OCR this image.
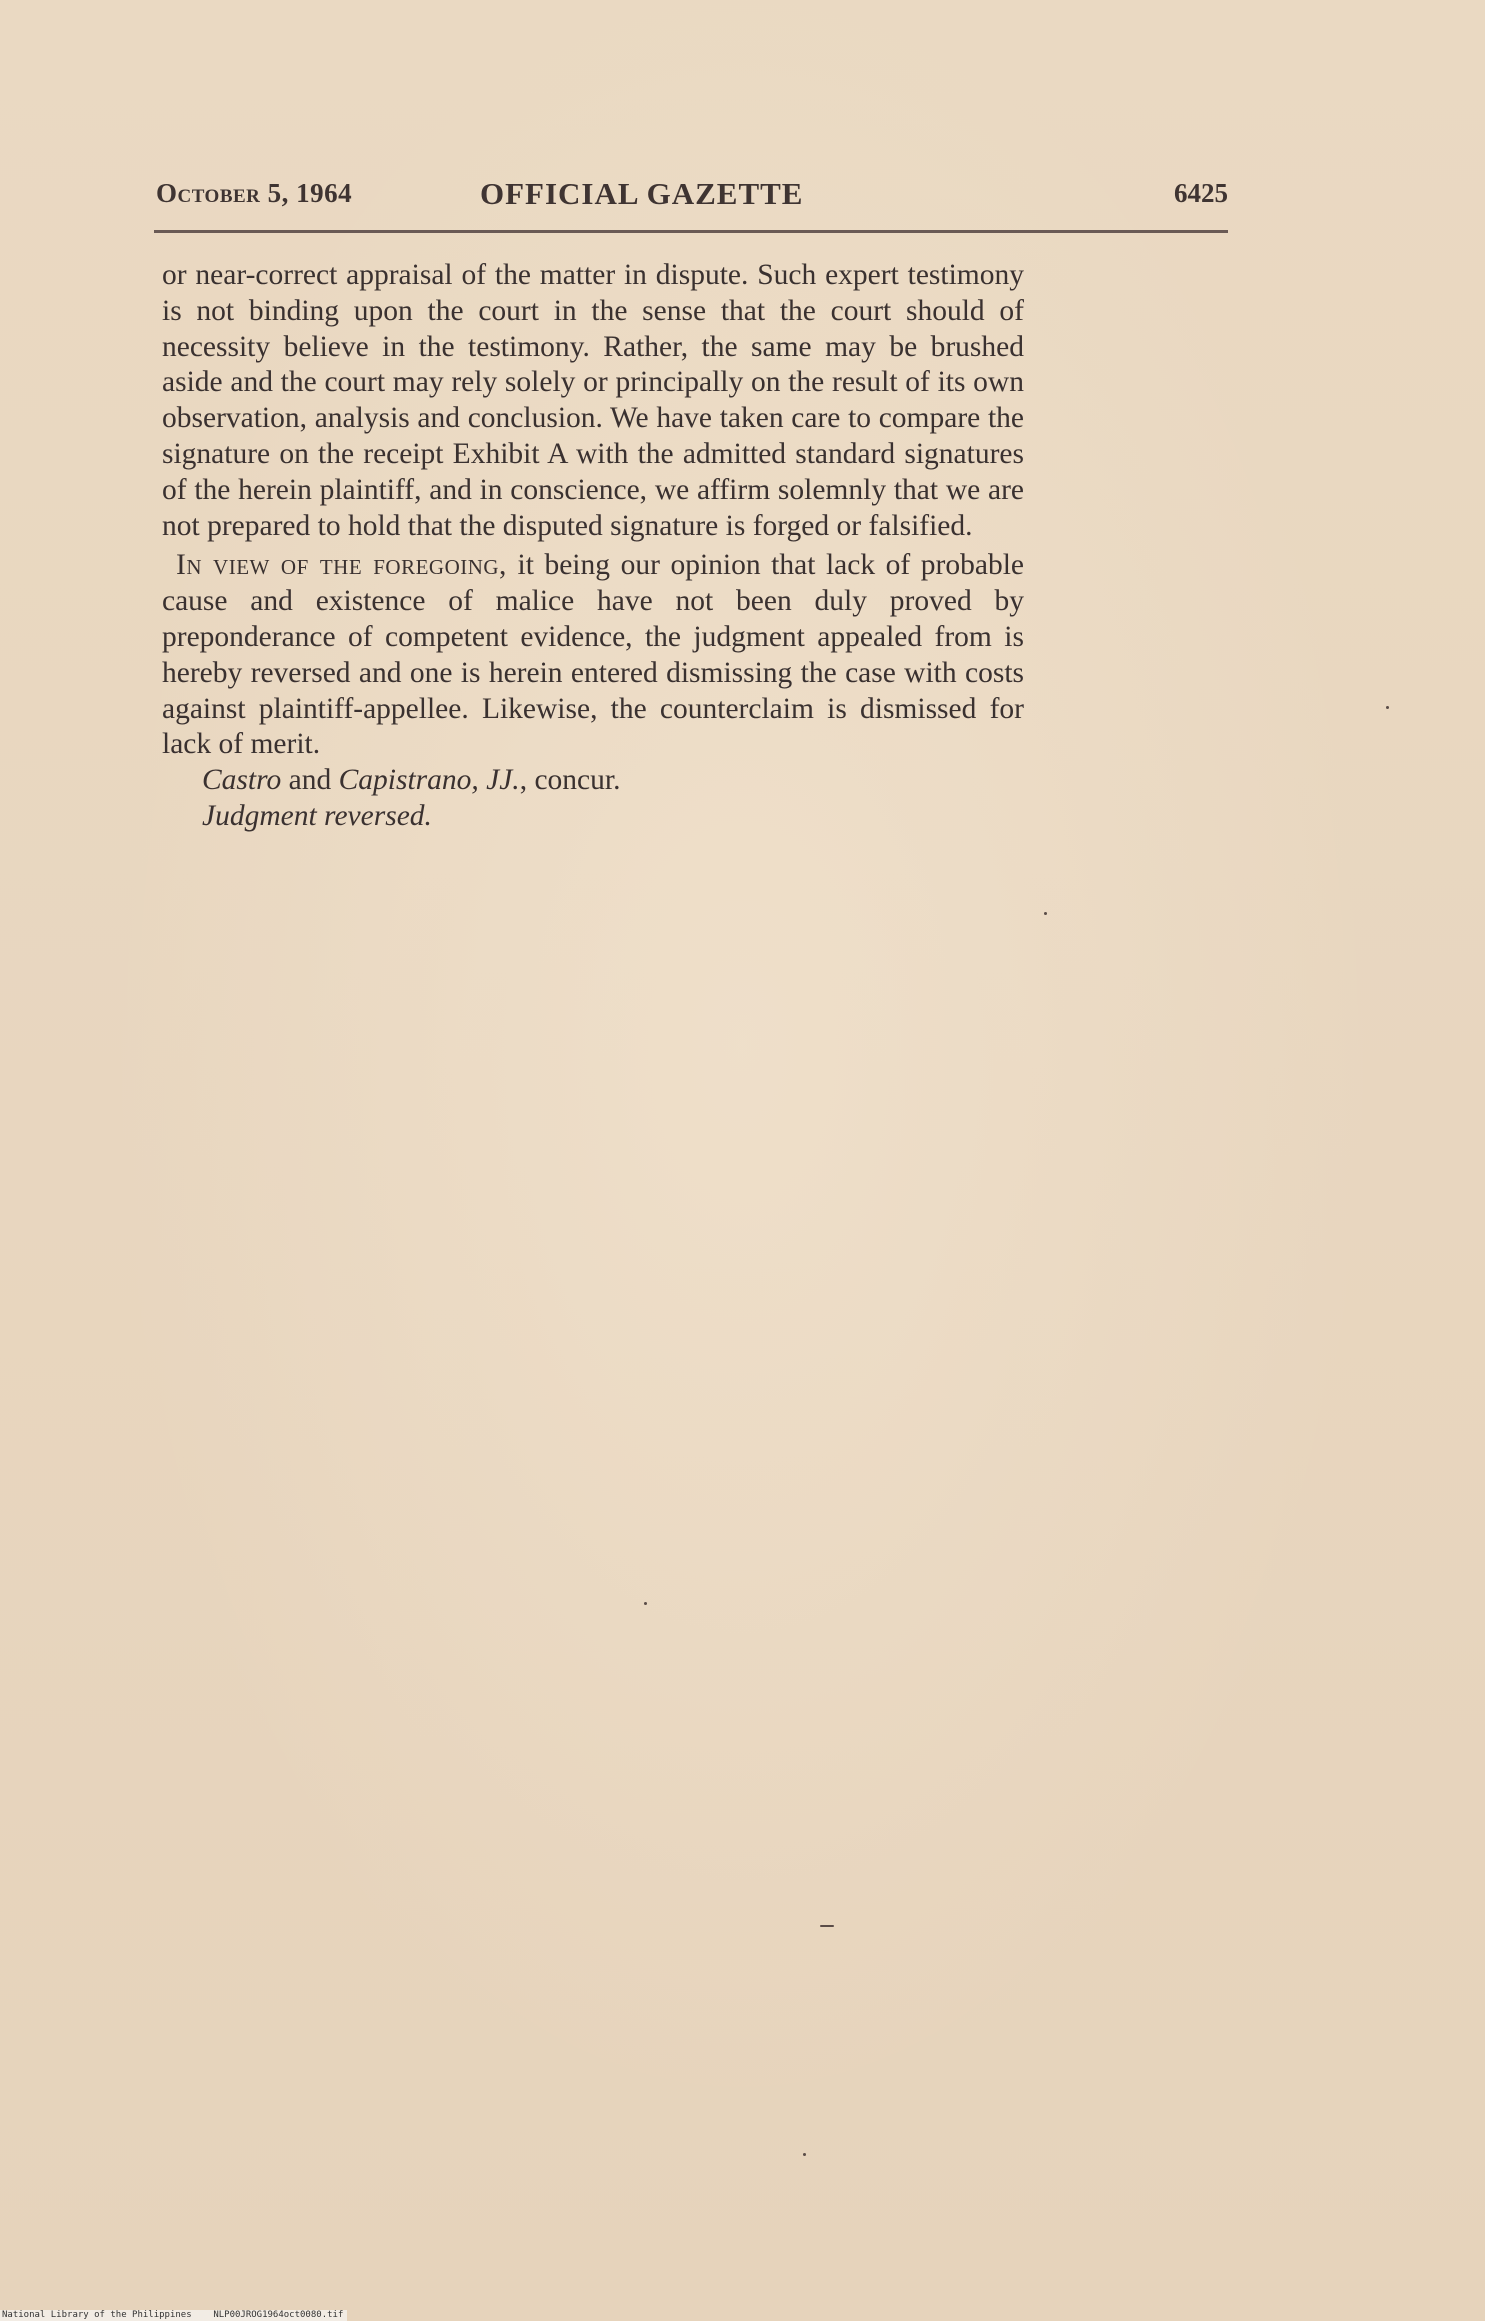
October 5, 1964	OFFICIAL GAZETTE	6425

or near-correct appraisal of the matter in dispute. Such expert testimony is not binding upon the court in the sense that the court should of necessity believe in the testimony. Rather, the same may be brushed aside and the court may rely solely or principally on the result of its own observation, analysis and conclusion. We have taken care to compare the signature on the receipt Exhibit A with the admitted standard signatures of the herein plaintiff, and in conscience, we affirm solemnly that we are not prepared to hold that the disputed signature is forged or falsified.

In view of the foregoing, it being our opinion that lack of probable cause and existence of malice have not been duly proved by preponderance of competent evidence, the judgment appealed from is hereby reversed and one is herein entered dismissing the case with costs against plaintiff-appellee. Likewise, the counterclaim is dismissed for lack of merit.

Castro and Capistrano, JJ., concur.

Judgment reversed.

National Library of the Philippines    NLP00JROG1964oct0080.tif
